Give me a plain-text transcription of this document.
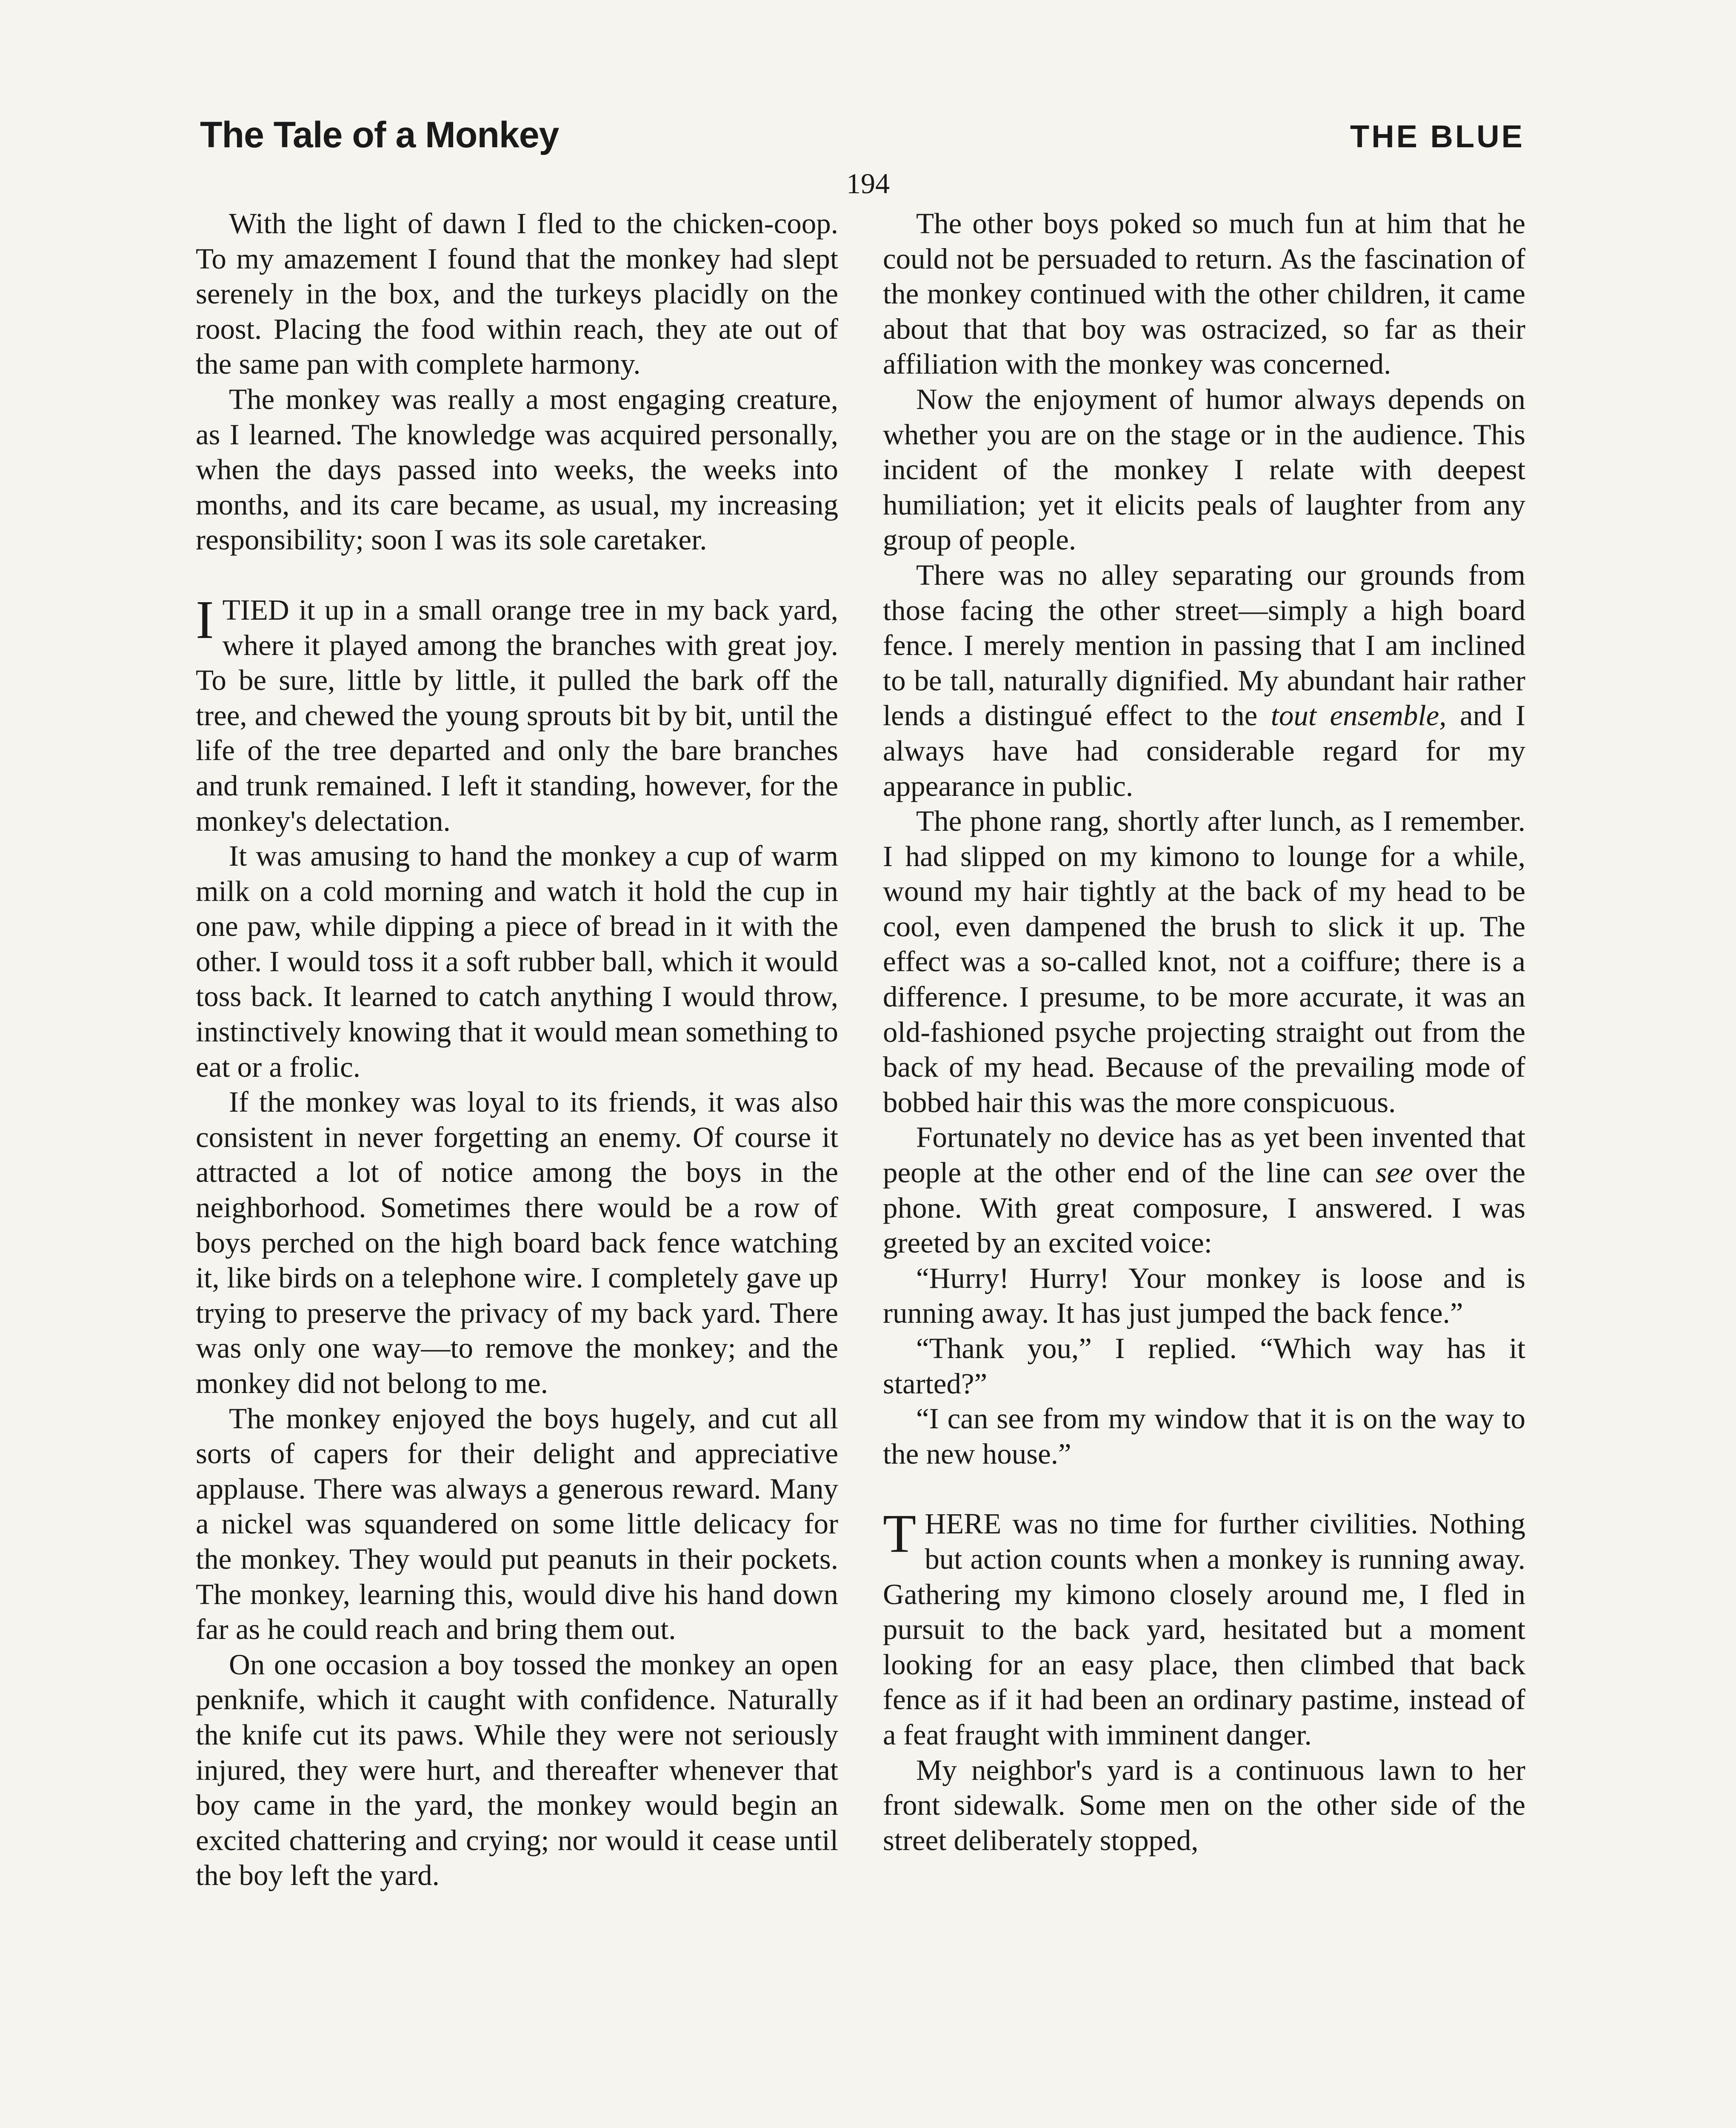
The Tale of a Monkey	THE BLUE
194

With the light of dawn I fled to the chicken-coop. To my amazement I found that the monkey had slept serenely in the box, and the turkeys placidly on the roost. Placing the food within reach, they ate out of the same pan with complete harmony.

The monkey was really a most engaging creature, as I learned. The knowledge was acquired personally, when the days passed into weeks, the weeks into months, and its care became, as usual, my increasing responsibility; soon I was its sole caretaker.

ITIED it up in a small orange tree in my back yard, where it played among the branches with great joy. To be sure, little by little, it pulled the bark off the tree, and chewed the young sprouts bit by bit, until the life of the tree departed and only the bare branches and trunk remained. I left it standing, however, for the monkey's delectation.

It was amusing to hand the monkey a cup of warm milk on a cold morning and watch it hold the cup in one paw, while dipping a piece of bread in it with the other. I would toss it a soft rubber ball, which it would toss back. It learned to catch anything I would throw, instinctively knowing that it would mean something to eat or a frolic.

If the monkey was loyal to its friends, it was also consistent in never forgetting an enemy. Of course it attracted a lot of notice among the boys in the neighborhood. Sometimes there would be a row of boys perched on the high board back fence watching it, like birds on a telephone wire. I completely gave up trying to preserve the privacy of my back yard. There was only one way—to remove the monkey; and the monkey did not belong to me.

The monkey enjoyed the boys hugely, and cut all sorts of capers for their delight and appreciative applause. There was always a generous reward. Many a nickel was squandered on some little delicacy for the monkey. They would put peanuts in their pockets. The monkey, learning this, would dive his hand down far as he could reach and bring them out.

On one occasion a boy tossed the monkey an open penknife, which it caught with confidence. Naturally the knife cut its paws. While they were not seriously injured, they were hurt, and thereafter whenever that boy came in the yard, the monkey would begin an excited chattering and crying; nor would it cease until the boy left the yard.

The other boys poked so much fun at him that he could not be persuaded to return. As the fascination of the monkey continued with the other children, it came about that that boy was ostracized, so far as their affiliation with the monkey was concerned.

Now the enjoyment of humor always depends on whether you are on the stage or in the audience. This incident of the monkey I relate with deepest humiliation; yet it elicits peals of laughter from any group of people.

There was no alley separating our grounds from those facing the other street—simply a high board fence. I merely mention in passing that I am inclined to be tall, naturally dignified. My abundant hair rather lends a distingué effect to the tout ensemble, and I always have had considerable regard for my appearance in public.

The phone rang, shortly after lunch, as I remember. I had slipped on my kimono to lounge for a while, wound my hair tightly at the back of my head to be cool, even dampened the brush to slick it up. The effect was a so-called knot, not a coiffure; there is a difference. I presume, to be more accurate, it was an old-fashioned psyche projecting straight out from the back of my head. Because of the prevailing mode of bobbed hair this was the more conspicuous.

Fortunately no device has as yet been invented that people at the other end of the line can see over the phone. With great composure, I answered. I was greeted by an excited voice:

“Hurry! Hurry! Your monkey is loose and is running away. It has just jumped the back fence.”

“Thank you,” I replied. “Which way has it started?”

“I can see from my window that it is on the way to the new house.”

THERE was no time for further civilities. Nothing but action counts when a monkey is running away. Gathering my kimono closely around me, I fled in pursuit to the back yard, hesitated but a moment looking for an easy place, then climbed that back fence as if it had been an ordinary pastime, instead of a feat fraught with imminent danger.

My neighbor's yard is a continuous lawn to her front sidewalk. Some men on the other side of the street deliberately stopped,
